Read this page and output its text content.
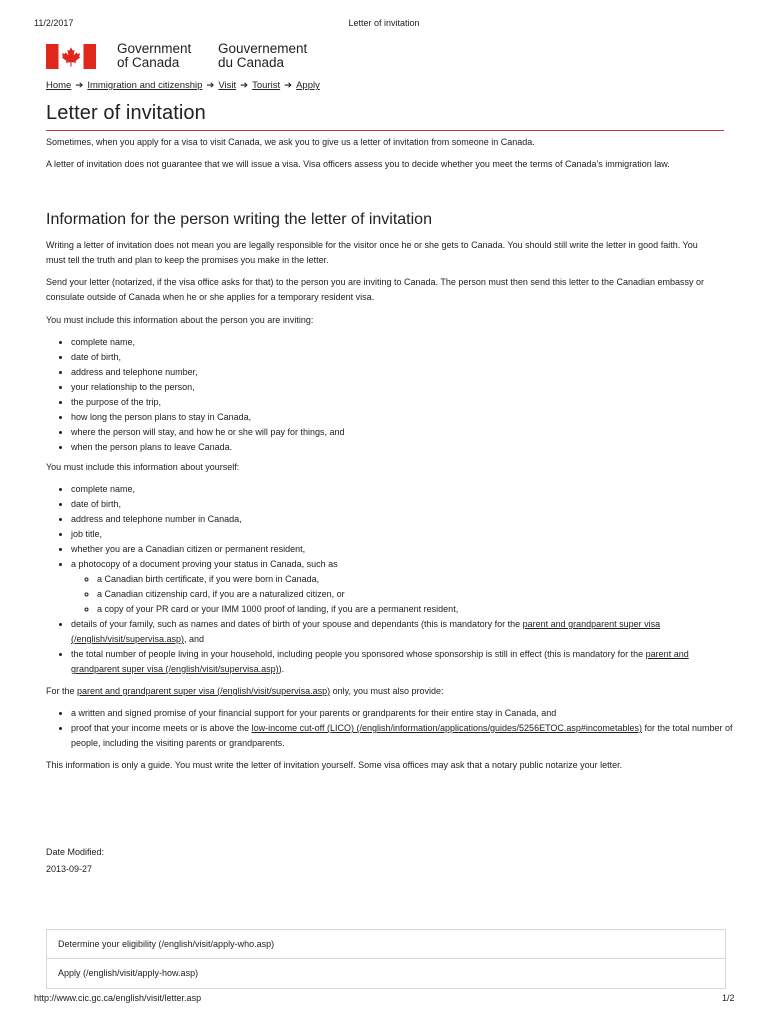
11/2/2017	Letter of invitation
Government
of Canada
Gouvernement
du Canada
Home ➔ Immigration and citizenship ➔ Visit ➔ Tourist ➔ Apply
Letter of invitation

Sometimes, when you apply for a visa to visit Canada, we ask you to give us a letter of invitation from someone in Canada.

A letter of invitation does not guarantee that we will issue a visa. Visa officers assess you to decide whether you meet the terms of Canada's immigration law.

Information for the person writing the letter of invitation

Writing a letter of invitation does not mean you are legally responsible for the visitor once he or she gets to Canada. You should still write the letter in good faith. You must tell the truth and plan to keep the promises you make in the letter.

Send your letter (notarized, if the visa office asks for that) to the person you are inviting to Canada. The person must then send this letter to the Canadian embassy or consulate outside of Canada when he or she applies for a temporary resident visa.

You must include this information about the person you are inviting:

• complete name,
• date of birth,
• address and telephone number,
• your relationship to the person,
• the purpose of the trip,
• how long the person plans to stay in Canada,
• where the person will stay, and how he or she will pay for things, and
• when the person plans to leave Canada.

You must include this information about yourself:

• complete name,
• date of birth,
• address and telephone number in Canada,
• job title,
• whether you are a Canadian citizen or permanent resident,
• a photocopy of a document proving your status in Canada, such as
◦ a Canadian birth certificate, if you were born in Canada,
◦ a Canadian citizenship card, if you are a naturalized citizen, or
◦ a copy of your PR card or your IMM 1000 proof of landing, if you are a permanent resident,
• details of your family, such as names and dates of birth of your spouse and dependants (this is mandatory for the parent and grandparent super visa (/english/visit/supervisa.asp), and
• the total number of people living in your household, including people you sponsored whose sponsorship is still in effect (this is mandatory for the parent and grandparent super visa (/english/visit/supervisa.asp)).

For the parent and grandparent super visa (/english/visit/supervisa.asp) only, you must also provide:

• a written and signed promise of your financial support for your parents or grandparents for their entire stay in Canada, and
• proof that your income meets or is above the low-income cut-off (LICO) (/english/information/applications/guides/5256ETOC.asp#incometables) for the total number of people, including the visiting parents or grandparents.

This information is only a guide. You must write the letter of invitation yourself. Some visa offices may ask that a notary public notarize your letter.

Date Modified:
2013-09-27
Determine your eligibility (/english/visit/apply-who.asp)
Apply (/english/visit/apply-how.asp)
http://www.cic.gc.ca/english/visit/letter.asp	1/2
